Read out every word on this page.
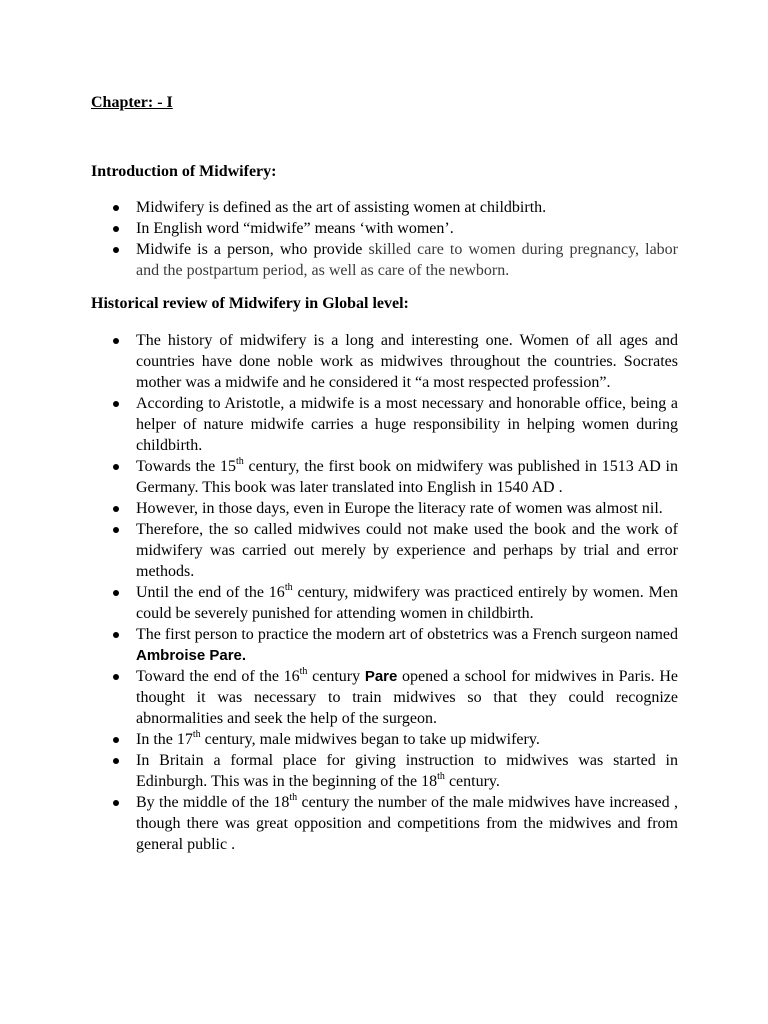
Chapter: - I

Introduction of Midwifery:

Midwifery is defined as the art of assisting women at childbirth.
In English word “midwife” means ‘with women’.
Midwife is a person, who provide skilled care to women during pregnancy, labor and the postpartum period, as well as care of the newborn.

Historical review of Midwifery in Global level:

The history of midwifery is a long and interesting one. Women of all ages and countries have done noble work as midwives throughout the countries. Socrates mother was a midwife and he considered it “a most respected profession”.
According to Aristotle, a midwife is a most necessary and honorable office, being a helper of nature midwife carries a huge responsibility in helping women during childbirth.
Towards the 15th century, the first book on midwifery was published in 1513 AD in Germany. This book was later translated into English in 1540 AD .
However, in those days, even in Europe the literacy rate of women was almost nil.
Therefore, the so called midwives could not make used the book and the work of midwifery was carried out merely by experience and perhaps by trial and error methods.
Until the end of the 16th century, midwifery was practiced entirely by women. Men could be severely punished for attending women in childbirth.
The first person to practice the modern art of obstetrics was a French surgeon named Ambroise Pare.
Toward the end of the 16th century Pare opened a school for midwives in Paris. He thought it was necessary to train midwives so that they could recognize abnormalities and seek the help of the surgeon.
In the 17th century, male midwives began to take up midwifery.
In Britain a formal place for giving instruction to midwives was started in Edinburgh. This was in the beginning of the 18th century.
By the middle of the 18th century the number of the male midwives have increased , though there was great opposition and competitions from the midwives and from general public .
